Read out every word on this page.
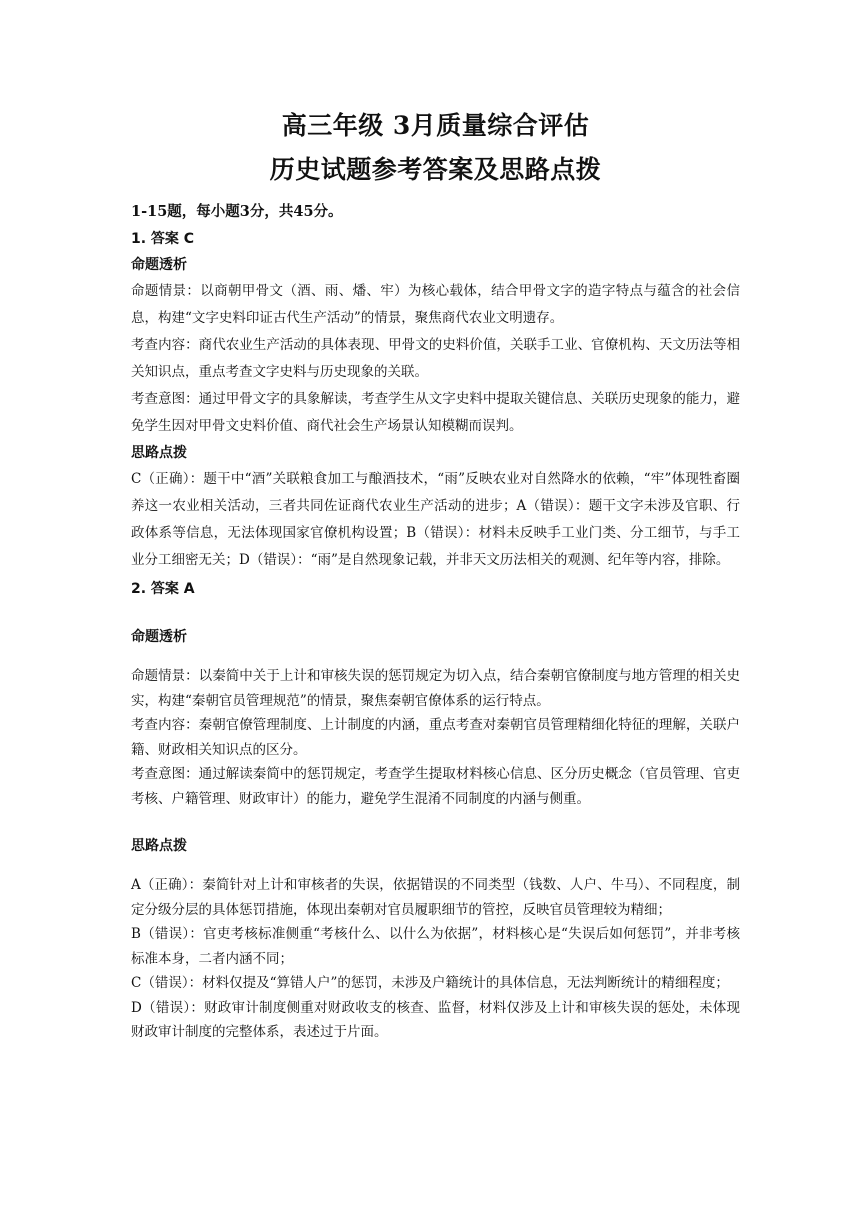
高三年级 3月质量综合评估
历史试题参考答案及思路点拨
1-15题，每小题3分，共45分。
1. 答案 C
命题透析

命题情景：以商朝甲骨文（酒、雨、燔、牢）为核心载体，结合甲骨文字的造字特点与蕴含的社会信息，构建“文字史料印证古代生产活动”的情景，聚焦商代农业文明遗存。

考查内容：商代农业生产活动的具体表现、甲骨文的史料价值，关联手工业、官僚机构、天文历法等相关知识点，重点考查文字史料与历史现象的关联。

考查意图：通过甲骨文字的具象解读，考查学生从文字史料中提取关键信息、关联历史现象的能力，避免学生因对甲骨文史料价值、商代社会生产场景认知模糊而误判。

思路点拨

C（正确）：题干中“酒”关联粮食加工与酿酒技术，“雨”反映农业对自然降水的依赖，“牢”体现牲畜圈养这一农业相关活动，三者共同佐证商代农业生产活动的进步；A（错误）：题干文字未涉及官职、行政体系等信息，无法体现国家官僚机构设置；B（错误）：材料未反映手工业门类、分工细节，与手工业分工细密无关；D（错误）：“雨”是自然现象记载，并非天文历法相关的观测、纪年等内容，排除。

2. 答案 A
命题透析

命题情景：以秦简中关于上计和审核失误的惩罚规定为切入点，结合秦朝官僚制度与地方管理的相关史实，构建“秦朝官员管理规范”的情景，聚焦秦朝官僚体系的运行特点。

考查内容：秦朝官僚管理制度、上计制度的内涵，重点考查对秦朝官员管理精细化特征的理解，关联户籍、财政相关知识点的区分。

考查意图：通过解读秦简中的惩罚规定，考查学生提取材料核心信息、区分历史概念（官员管理、官吏考核、户籍管理、财政审计）的能力，避免学生混淆不同制度的内涵与侧重。

思路点拨

A（正确）：秦简针对上计和审核者的失误，依据错误的不同类型（钱数、人户、牛马）、不同程度，制定分级分层的具体惩罚措施，体现出秦朝对官员履职细节的管控，反映官员管理较为精细；

B（错误）：官吏考核标准侧重“考核什么、以什么为依据”，材料核心是“失误后如何惩罚”，并非考核标准本身，二者内涵不同；

C（错误）：材料仅提及“算错人户”的惩罚，未涉及户籍统计的具体信息，无法判断统计的精细程度；

D（错误）：财政审计制度侧重对财政收支的核查、监督，材料仅涉及上计和审核失误的惩处，未体现财政审计制度的完整体系，表述过于片面。
